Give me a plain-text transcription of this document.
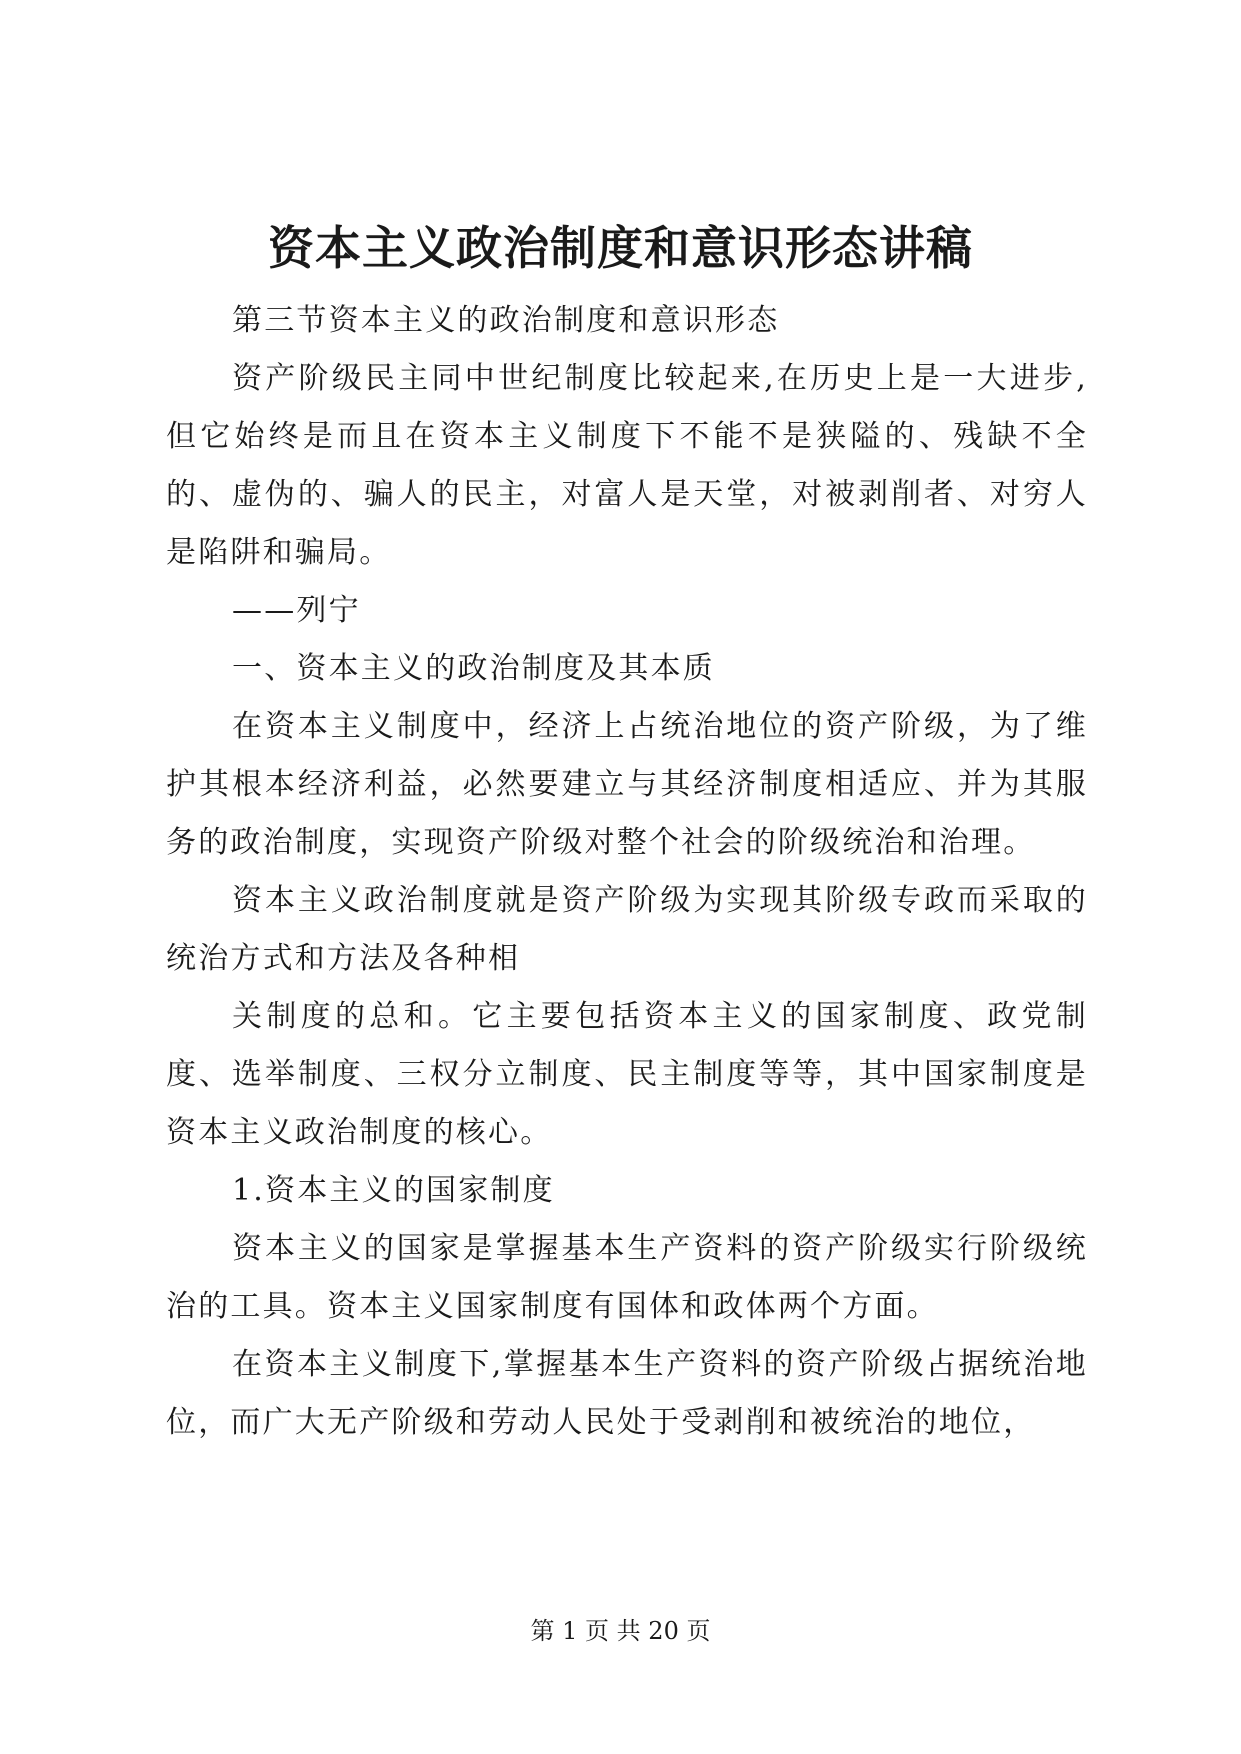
资本主义政治制度和意识形态讲稿

第三节资本主义的政治制度和意识形态

资产阶级民主同中世纪制度比较起来,在历史上是一大进步,但它始终是而且在资本主义制度下不能不是狭隘的、残缺不全的、虚伪的、骗人的民主，对富人是天堂，对被剥削者、对穷人是陷阱和骗局。

——列宁

一、资本主义的政治制度及其本质

在资本主义制度中，经济上占统治地位的资产阶级，为了维护其根本经济利益，必然要建立与其经济制度相适应、并为其服务的政治制度，实现资产阶级对整个社会的阶级统治和治理。

资本主义政治制度就是资产阶级为实现其阶级专政而采取的统治方式和方法及各种相

关制度的总和。它主要包括资本主义的国家制度、政党制度、选举制度、三权分立制度、民主制度等等，其中国家制度是资本主义政治制度的核心。

1.资本主义的国家制度

资本主义的国家是掌握基本生产资料的资产阶级实行阶级统治的工具。资本主义国家制度有国体和政体两个方面。

在资本主义制度下,掌握基本生产资料的资产阶级占据统治地位，而广大无产阶级和劳动人民处于受剥削和被统治的地位，

第 1 页 共 20 页
